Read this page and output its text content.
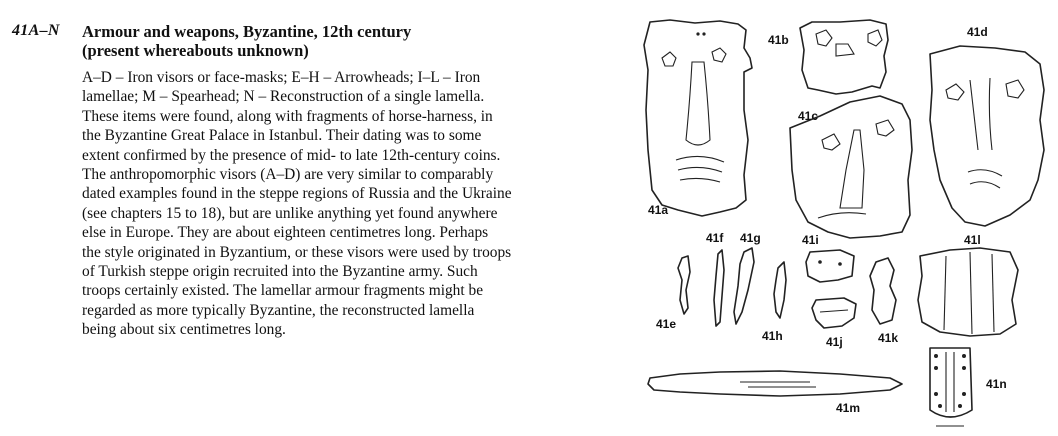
41A–N Armour and weapons, Byzantine, 12th century
(present whereabouts unknown)
A–D – Iron visors or face-masks; E–H – Arrowheads; I–L – Iron
lamellae; M – Spearhead; N – Reconstruction of a single lamella.
These items were found, along with fragments of horse-harness, in
the Byzantine Great Palace in Istanbul. Their dating was to some
extent confirmed by the presence of mid- to late 12th-century coins.
The anthropomorphic visors (A–D) are very similar to comparably
dated examples found in the steppe regions of Russia and the Ukraine
(see chapters 15 to 18), but are unlike anything yet found anywhere
else in Europe. They are about eighteen centimetres long. Perhaps
the style originated in Byzantium, or these visors were used by troops
of Turkish steppe origin recruited into the Byzantine army. Such
troops certainly existed. The lamellar armour fragments might be
regarded as more typically Byzantine, the reconstructed lamella
being about six centimetres long.
41a
41b
41d
41c
41e
41f 41g
41h
41i
41j	41k
41l
41m
41n
